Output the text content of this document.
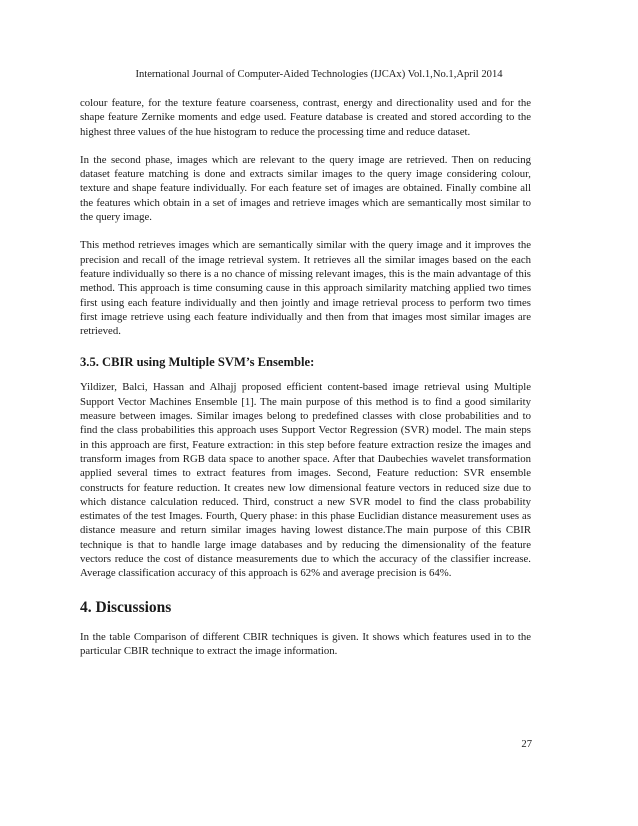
International Journal of Computer-Aided Technologies (IJCAx) Vol.1,No.1,April 2014

colour feature, for the texture feature coarseness, contrast, energy and directionality used and for the shape feature Zernike moments and edge used. Feature database is created and stored according to the highest three values of the hue histogram to reduce the processing time and reduce dataset.

In the second phase, images which are relevant to the query image are retrieved. Then on reducing dataset feature matching is done and extracts similar images to the query image considering colour, texture and shape feature individually. For each feature set of images are obtained. Finally combine all the features which obtain in a set of images and retrieve images which are semantically most similar to the query image.

This method retrieves images which are semantically similar with the query image and it improves the precision and recall of the image retrieval system. It retrieves all the similar images based on the each feature individually so there is a no chance of missing relevant images, this is the main advantage of this method. This approach is time consuming cause in this approach similarity matching applied two times first using each feature individually and then jointly and image retrieval process to perform two times first image retrieve using each feature individually and then from that images most similar images are retrieved.

3.5. CBIR using Multiple SVM’s Ensemble:

Yildizer, Balci, Hassan and Alhajj proposed efficient content-based image retrieval using Multiple Support Vector Machines Ensemble [1]. The main purpose of this method is to find a good similarity measure between images. Similar images belong to predefined classes with close probabilities and to find the class probabilities this approach uses Support Vector Regression (SVR) model. The main steps in this approach are first, Feature extraction: in this step before feature extraction resize the images and transform images from RGB data space to another space. After that Daubechies wavelet transformation applied several times to extract features from images. Second, Feature reduction: SVR ensemble constructs for feature reduction. It creates new low dimensional feature vectors in reduced size due to which distance calculation reduced. Third, construct a new SVR model to find the class probability estimates of the test Images. Fourth, Query phase: in this phase Euclidian distance measurement uses as distance measure and return similar images having lowest distance.The main purpose of this CBIR technique is that to handle large image databases and by reducing the dimensionality of the feature vectors reduce the cost of distance measurements due to which the accuracy of the classifier increase. Average classification accuracy of this approach is 62% and average precision is 64%.

4. Discussions

In the table Comparison of different CBIR techniques is given. It shows which features used in to the particular CBIR technique to extract the image information.

27
